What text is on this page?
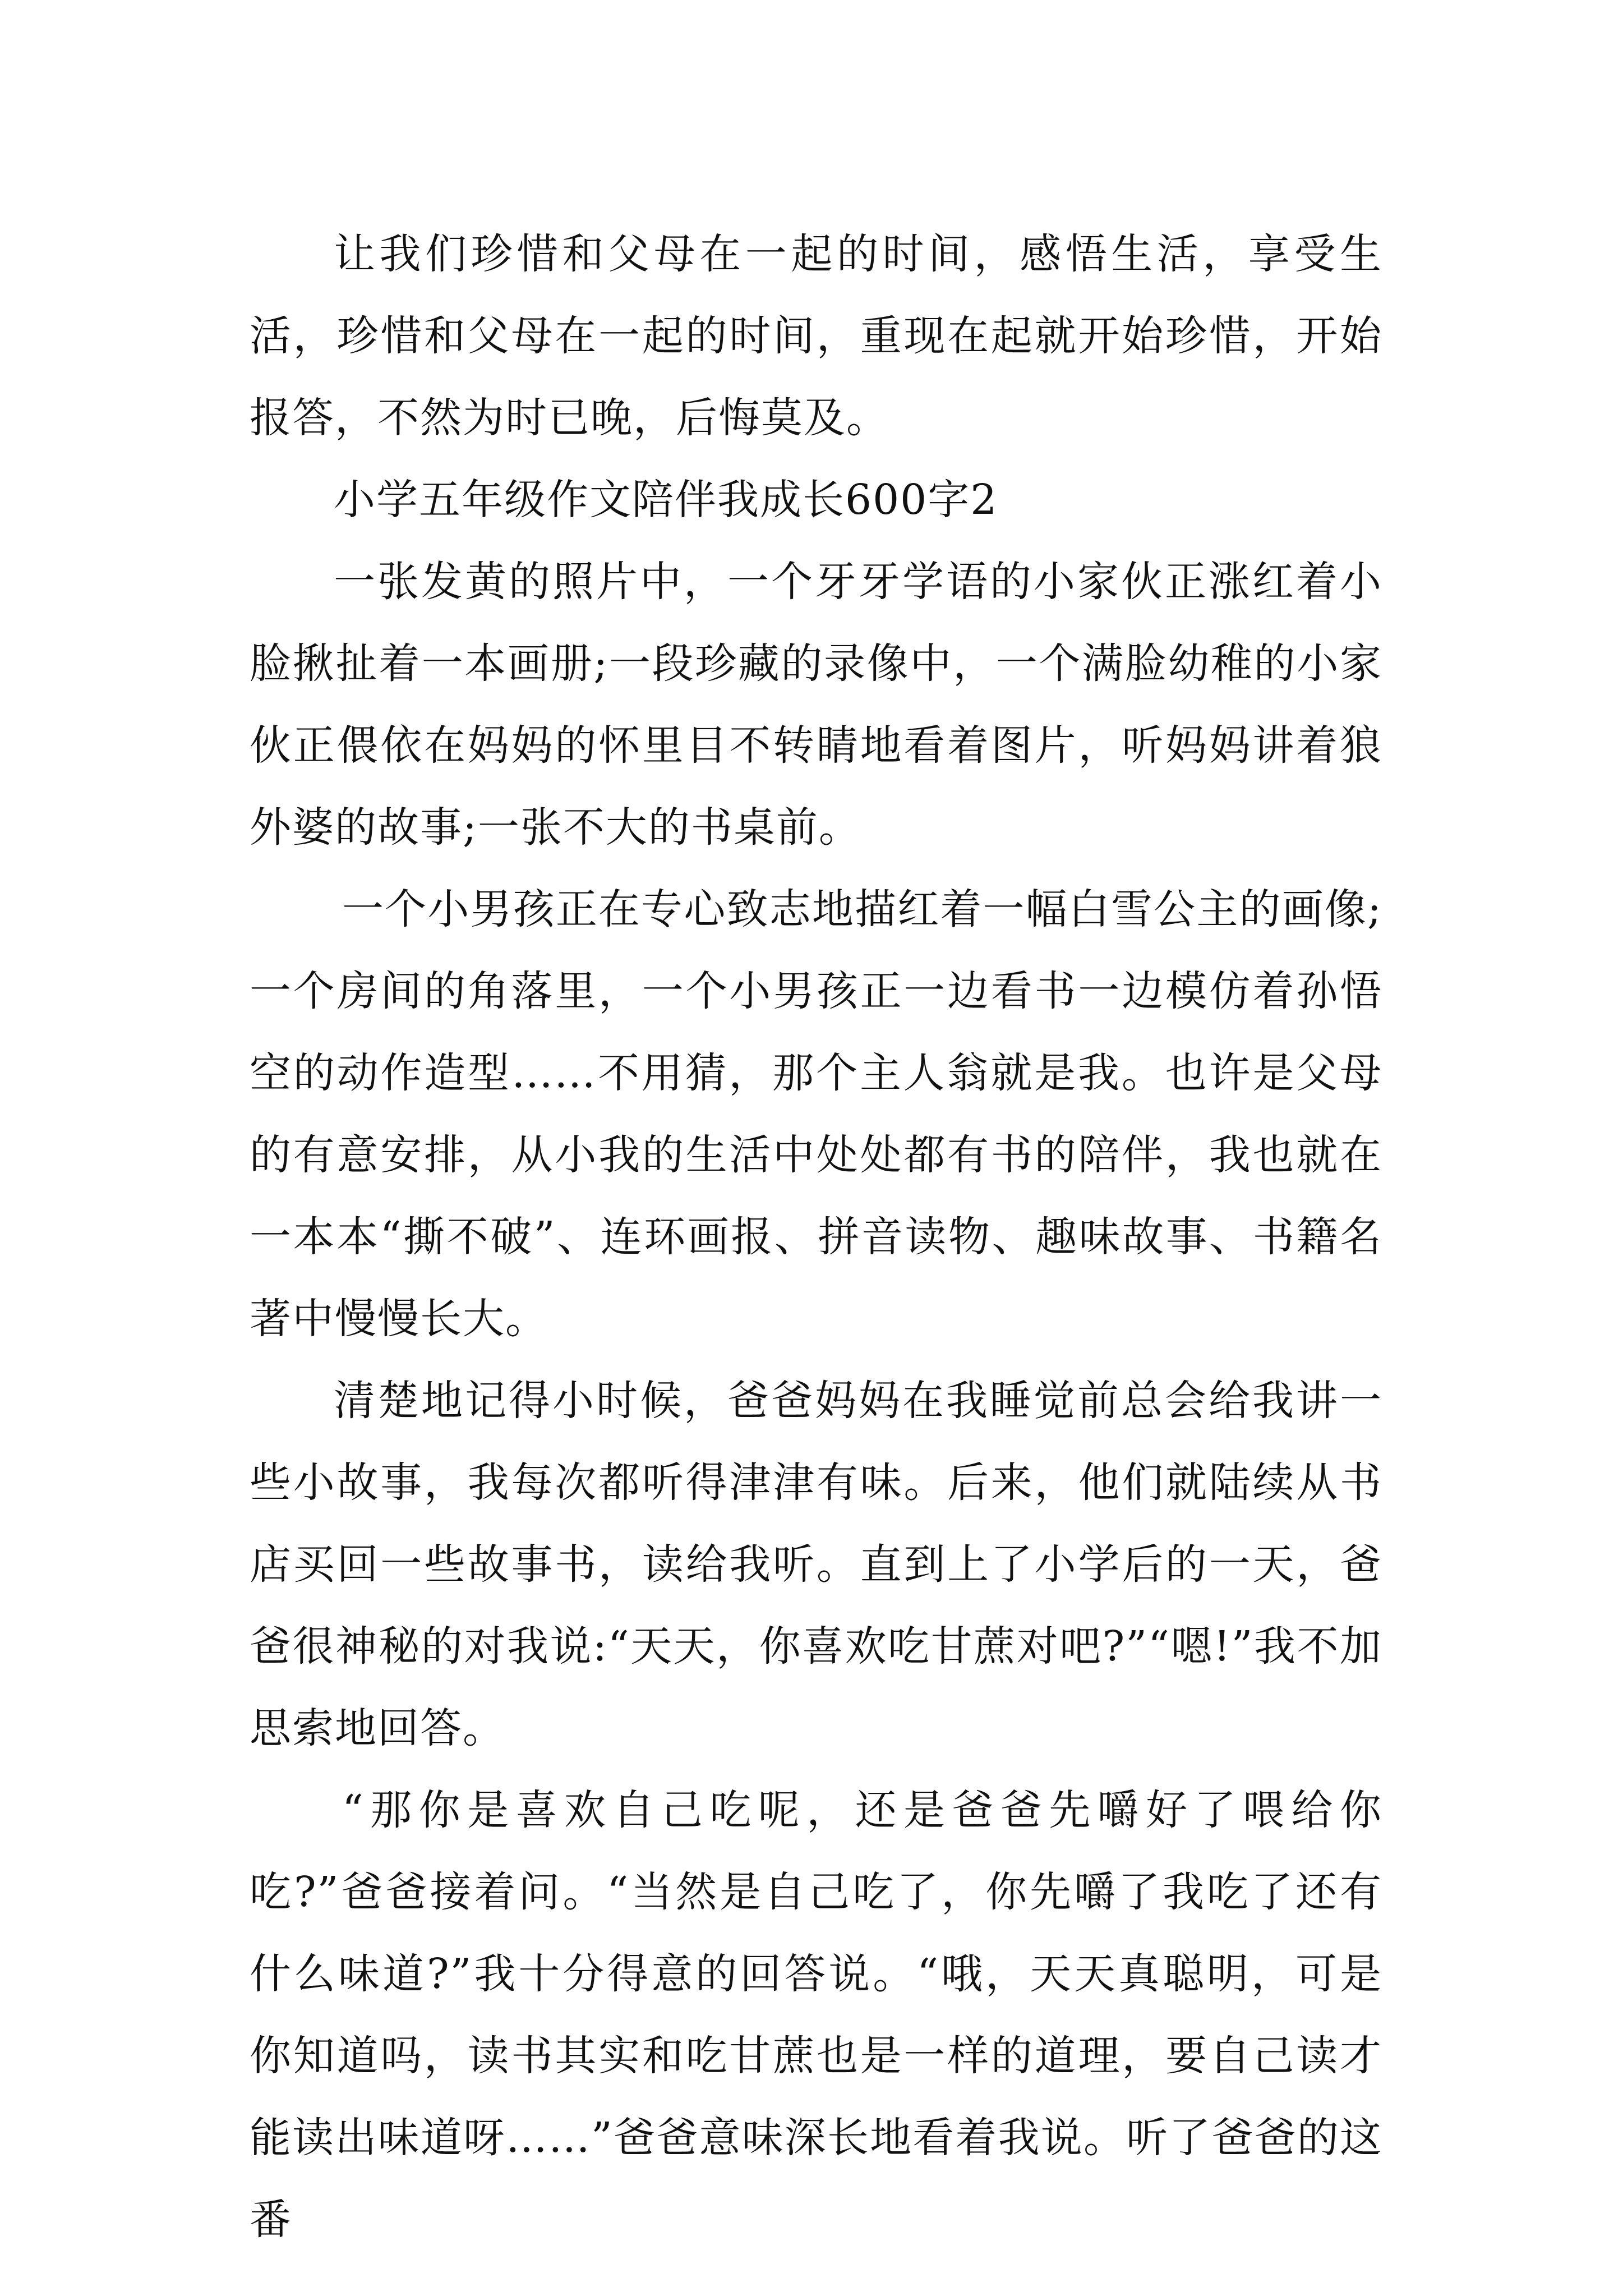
让我们珍惜和父母在一起的时间，感悟生活，享受生活，珍惜和父母在一起的时间，重现在起就开始珍惜，开始报答，不然为时已晚，后悔莫及。

小学五年级作文陪伴我成长600字2

一张发黄的照片中，一个牙牙学语的小家伙正涨红着小脸揪扯着一本画册;一段珍藏的录像中，一个满脸幼稚的小家伙正偎依在妈妈的怀里目不转睛地看着图片，听妈妈讲着狼外婆的故事;一张不大的书桌前。

一个小男孩正在专心致志地描红着一幅白雪公主的画像;一个房间的角落里，一个小男孩正一边看书一边模仿着孙悟空的动作造型……不用猜，那个主人翁就是我。也许是父母的有意安排，从小我的生活中处处都有书的陪伴，我也就在一本本“撕不破”、连环画报、拼音读物、趣味故事、书籍名著中慢慢长大。

清楚地记得小时候，爸爸妈妈在我睡觉前总会给我讲一些小故事，我每次都听得津津有味。后来，他们就陆续从书店买回一些故事书，读给我听。直到上了小学后的一天，爸爸很神秘的对我说:“天天，你喜欢吃甘蔗对吧?”“嗯!”我不加思索地回答。

“那你是喜欢自己吃呢，还是爸爸先嚼好了喂给你吃?”爸爸接着问。“当然是自己吃了，你先嚼了我吃了还有什么味道?”我十分得意的回答说。“哦，天天真聪明，可是你知道吗，读书其实和吃甘蔗也是一样的道理，要自己读才能读出味道呀……”爸爸意味深长地看着我说。听了爸爸的这番
